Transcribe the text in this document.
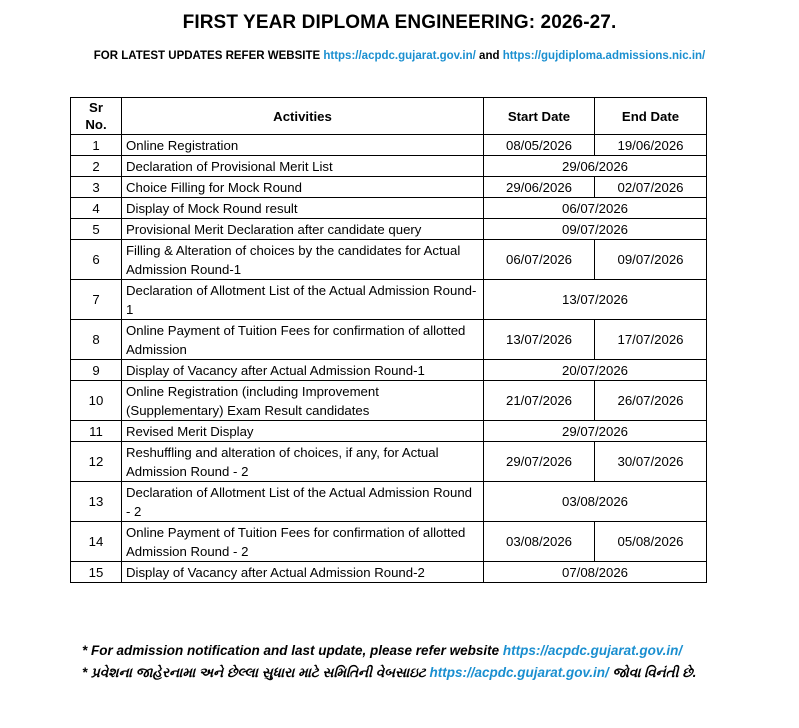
FIRST YEAR DIPLOMA ENGINEERING: 2026-27.
FOR LATEST UPDATES REFER WEBSITE https://acpdc.gujarat.gov.in/ and https://gujdiploma.admissions.nic.in/
Sr
No.	Activities	Start Date	End Date
1	Online Registration	08/05/2026	19/06/2026
2	Declaration of Provisional Merit List	29/06/2026	
3	Choice Filling for Mock Round	29/06/2026	02/07/2026
4	Display of Mock Round result	06/07/2026	
5	Provisional Merit Declaration after candidate query	09/07/2026	
6	Filling & Alteration of choices by the candidates for Actual Admission Round-1	06/07/2026	09/07/2026
7	Declaration of Allotment List of the Actual Admission Round-1	13/07/2026	
8	Online Payment of Tuition Fees for confirmation of allotted Admission	13/07/2026	17/07/2026
9	Display of Vacancy after Actual Admission Round-1	20/07/2026	
10	Online Registration (including Improvement (Supplementary) Exam Result candidates	21/07/2026	26/07/2026
11	Revised Merit Display	29/07/2026	
12	Reshuffling and alteration of choices, if any, for Actual Admission Round - 2	29/07/2026	30/07/2026
13	Declaration of Allotment List of the Actual Admission Round - 2	03/08/2026	
14	Online Payment of Tuition Fees for confirmation of allotted Admission Round - 2	03/08/2026	05/08/2026
15	Display of Vacancy after Actual Admission Round-2	07/08/2026	
* For admission notification and last update, please refer website https://acpdc.gujarat.gov.in/
* પ્રવેશના જાહેરનામા અને છેલ્લા સુધારા માટે સમિતિની વેબસાઇટ https://acpdc.gujarat.gov.in/ જોવા વિનંતી છે.
